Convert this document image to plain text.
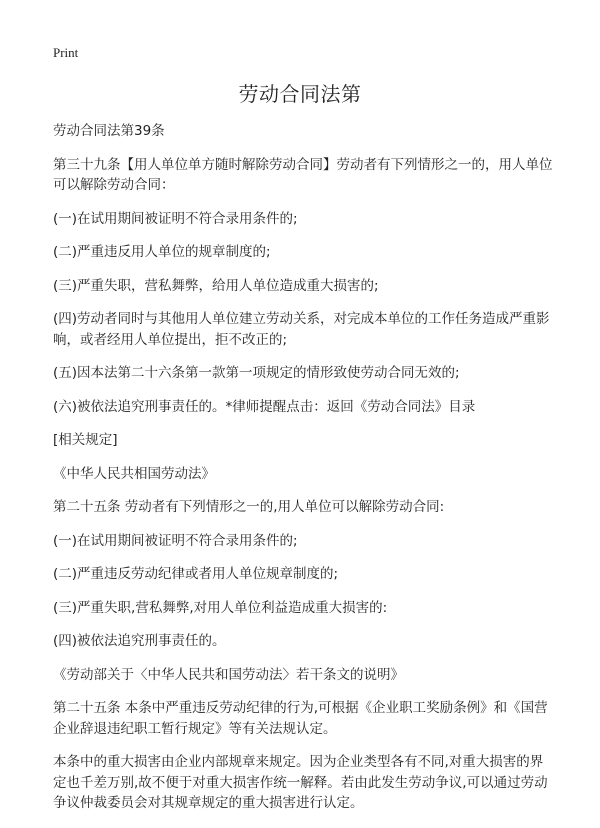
Print
劳动合同法第

劳动合同法第39条

第三十九条【用人单位单方随时解除劳动合同】劳动者有下列情形之一的，用人单位可以解除劳动合同：

(一)在试用期间被证明不符合录用条件的;

(二)严重违反用人单位的规章制度的;

(三)严重失职，营私舞弊，给用人单位造成重大损害的;

(四)劳动者同时与其他用人单位建立劳动关系，对完成本单位的工作任务造成严重影响，或者经用人单位提出，拒不改正的;

(五)因本法第二十六条第一款第一项规定的情形致使劳动合同无效的;

(六)被依法追究刑事责任的。*律师提醒点击：返回《劳动合同法》目录

[相关规定]

《中华人民共相国劳动法》

第二十五条 劳动者有下列情形之一的,用人单位可以解除劳动合同:

(一)在试用期间被证明不符合录用条件的;

(二)严重违反劳动纪律或者用人单位规章制度的;

(三)严重失职,营私舞弊,对用人单位利益造成重大损害的:

(四)被依法追究刑事责任的。

《劳动部关于〈中华人民共和国劳动法〉若干条文的说明》

第二十五条 本条中严重违反劳动纪律的行为,可根据《企业职工奖励条例》和《国营企业辞退违纪职工暂行规定》等有关法规认定。

本条中的重大损害由企业内部规章来规定。因为企业类型各有不同,对重大损害的界定也千差万别,故不便于对重大损害作统一解释。若由此发生劳动争议,可以通过劳动争议仲裁委员会对其规章规定的重大损害进行认定。
